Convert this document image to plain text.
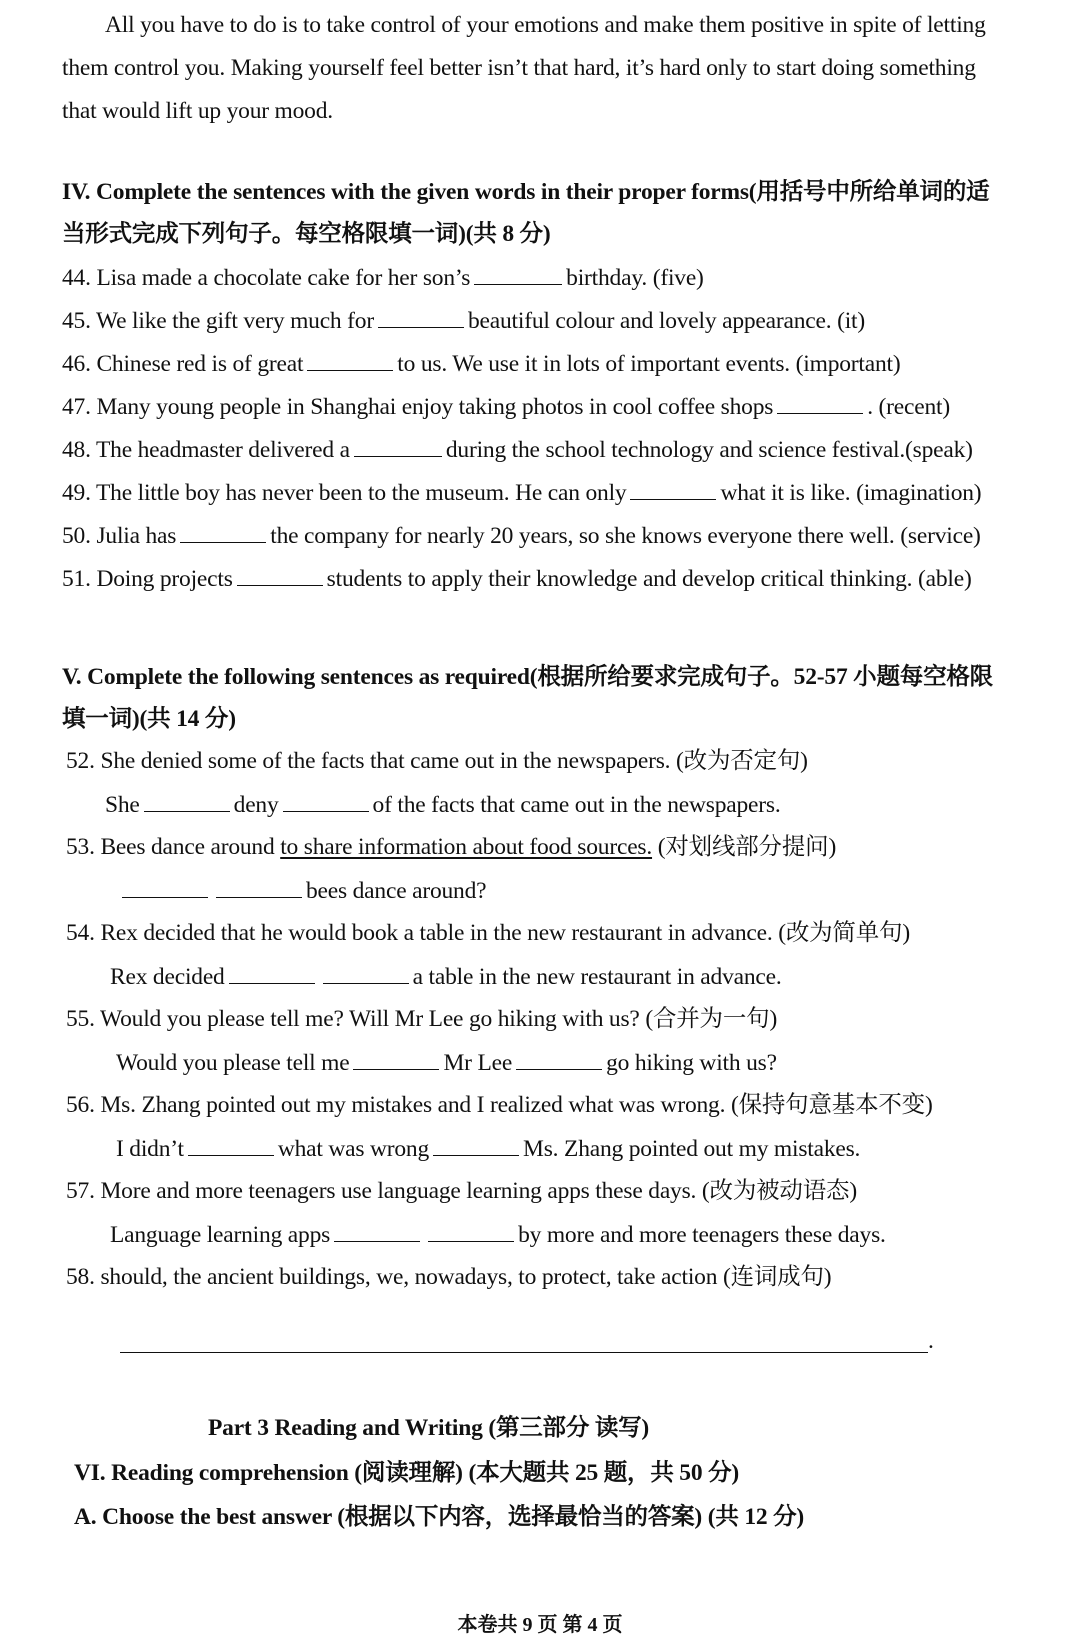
All you have to do is to take control of your emotions and make them positive in spite of letting
them control you. Making yourself feel better isn’t that hard, it’s hard only to start doing something
that would lift up your mood.
IV. Complete the sentences with the given words in their proper forms(用括号中所给单词的适
当形式完成下列句子。每空格限填一词)(共 8 分)
44. Lisa made a chocolate cake for her son’s	birthday. (five)
45. We like the gift very much for	beautiful colour and lovely appearance. (it)
46. Chinese red is of great	to us. We use it in lots of important events. (important)
47. Many young people in Shanghai enjoy taking photos in cool coffee shops	. (recent)
48. The headmaster delivered a	during the school technology and science festival.(speak)
49. The little boy has never been to the museum. He can only	what it is like. (imagination)
50. Julia has	the company for nearly 20 years, so she knows everyone there well. (service)
51. Doing projects	students to apply their knowledge and develop critical thinking. (able)
V. Complete the following sentences as required(根据所给要求完成句子。52-57 小题每空格限
填一词)(共 14 分)
52. She denied some of the facts that came out in the newspapers. (改为否定句)
She	deny	of the facts that came out in the newspapers.
53. Bees dance around to share information about food sources. (对划线部分提问)
bees dance around?
54. Rex decided that he would book a table in the new restaurant in advance. (改为简单句)
Rex decided	a table in the new restaurant in advance.
55. Would you please tell me? Will Mr Lee go hiking with us? (合并为一句)
Would you please tell me	Mr Lee	go hiking with us?
56. Ms. Zhang pointed out my mistakes and I realized what was wrong. (保持句意基本不变)
I didn’t	what was wrong	Ms. Zhang pointed out my mistakes.
57. More and more teenagers use language learning apps these days. (改为被动语态)
Language learning apps	by more and more teenagers these days.
58. should, the ancient buildings, we, nowadays, to protect, take action (连词成句)
.
Part 3 Reading and Writing (第三部分 读写)
VI. Reading comprehension (阅读理解) (本大题共 25 题，共 50 分)
A. Choose the best answer (根据以下内容，选择最恰当的答案) (共 12 分)
本卷共 9 页 第 4 页
